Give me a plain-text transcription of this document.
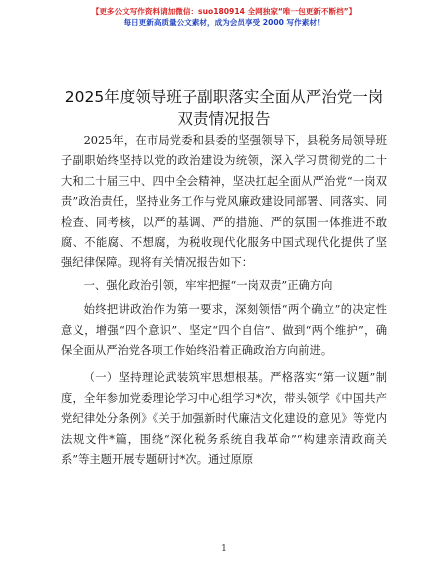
【更多公文写作资料请加微信：suo180914 全网独家“唯一包更新不断档”】
每日更新高质量公文素材，成为会员享受 2000 写作素材！
2025年度领导班子副职落实全面从严治党一岗
双责情况报告

2025年，在市局党委和县委的坚强领导下，县税务局领导班子副职始终坚持以党的政治建设为统领，深入学习贯彻党的二十大和二十届三中、四中全会精神，坚决扛起全面从严治党“一岗双责”政治责任，坚持业务工作与党风廉政建设同部署、同落实、同检查、同考核，以严的基调、严的措施、严的氛围一体推进不敢腐、不能腐、不想腐，为税收现代化服务中国式现代化提供了坚强纪律保障。现将有关情况报告如下：

一、强化政治引领，牢牢把握“一岗双责”正确方向

始终把讲政治作为第一要求，深刻领悟“两个确立”的决定性意义，增强“四个意识”、坚定“四个自信”、做到“两个维护”，确保全面从严治党各项工作始终沿着正确政治方向前进。

（一）坚持理论武装筑牢思想根基。严格落实“第一议题”制度，全年参加党委理论学习中心组学习*次，带头领学《中国共产党纪律处分条例》《关于加强新时代廉洁文化建设的意见》等党内法规文件*篇，围绕“深化税务系统自我革命”“构建亲清政商关系”等主题开展专题研讨*次。通过原原

1
